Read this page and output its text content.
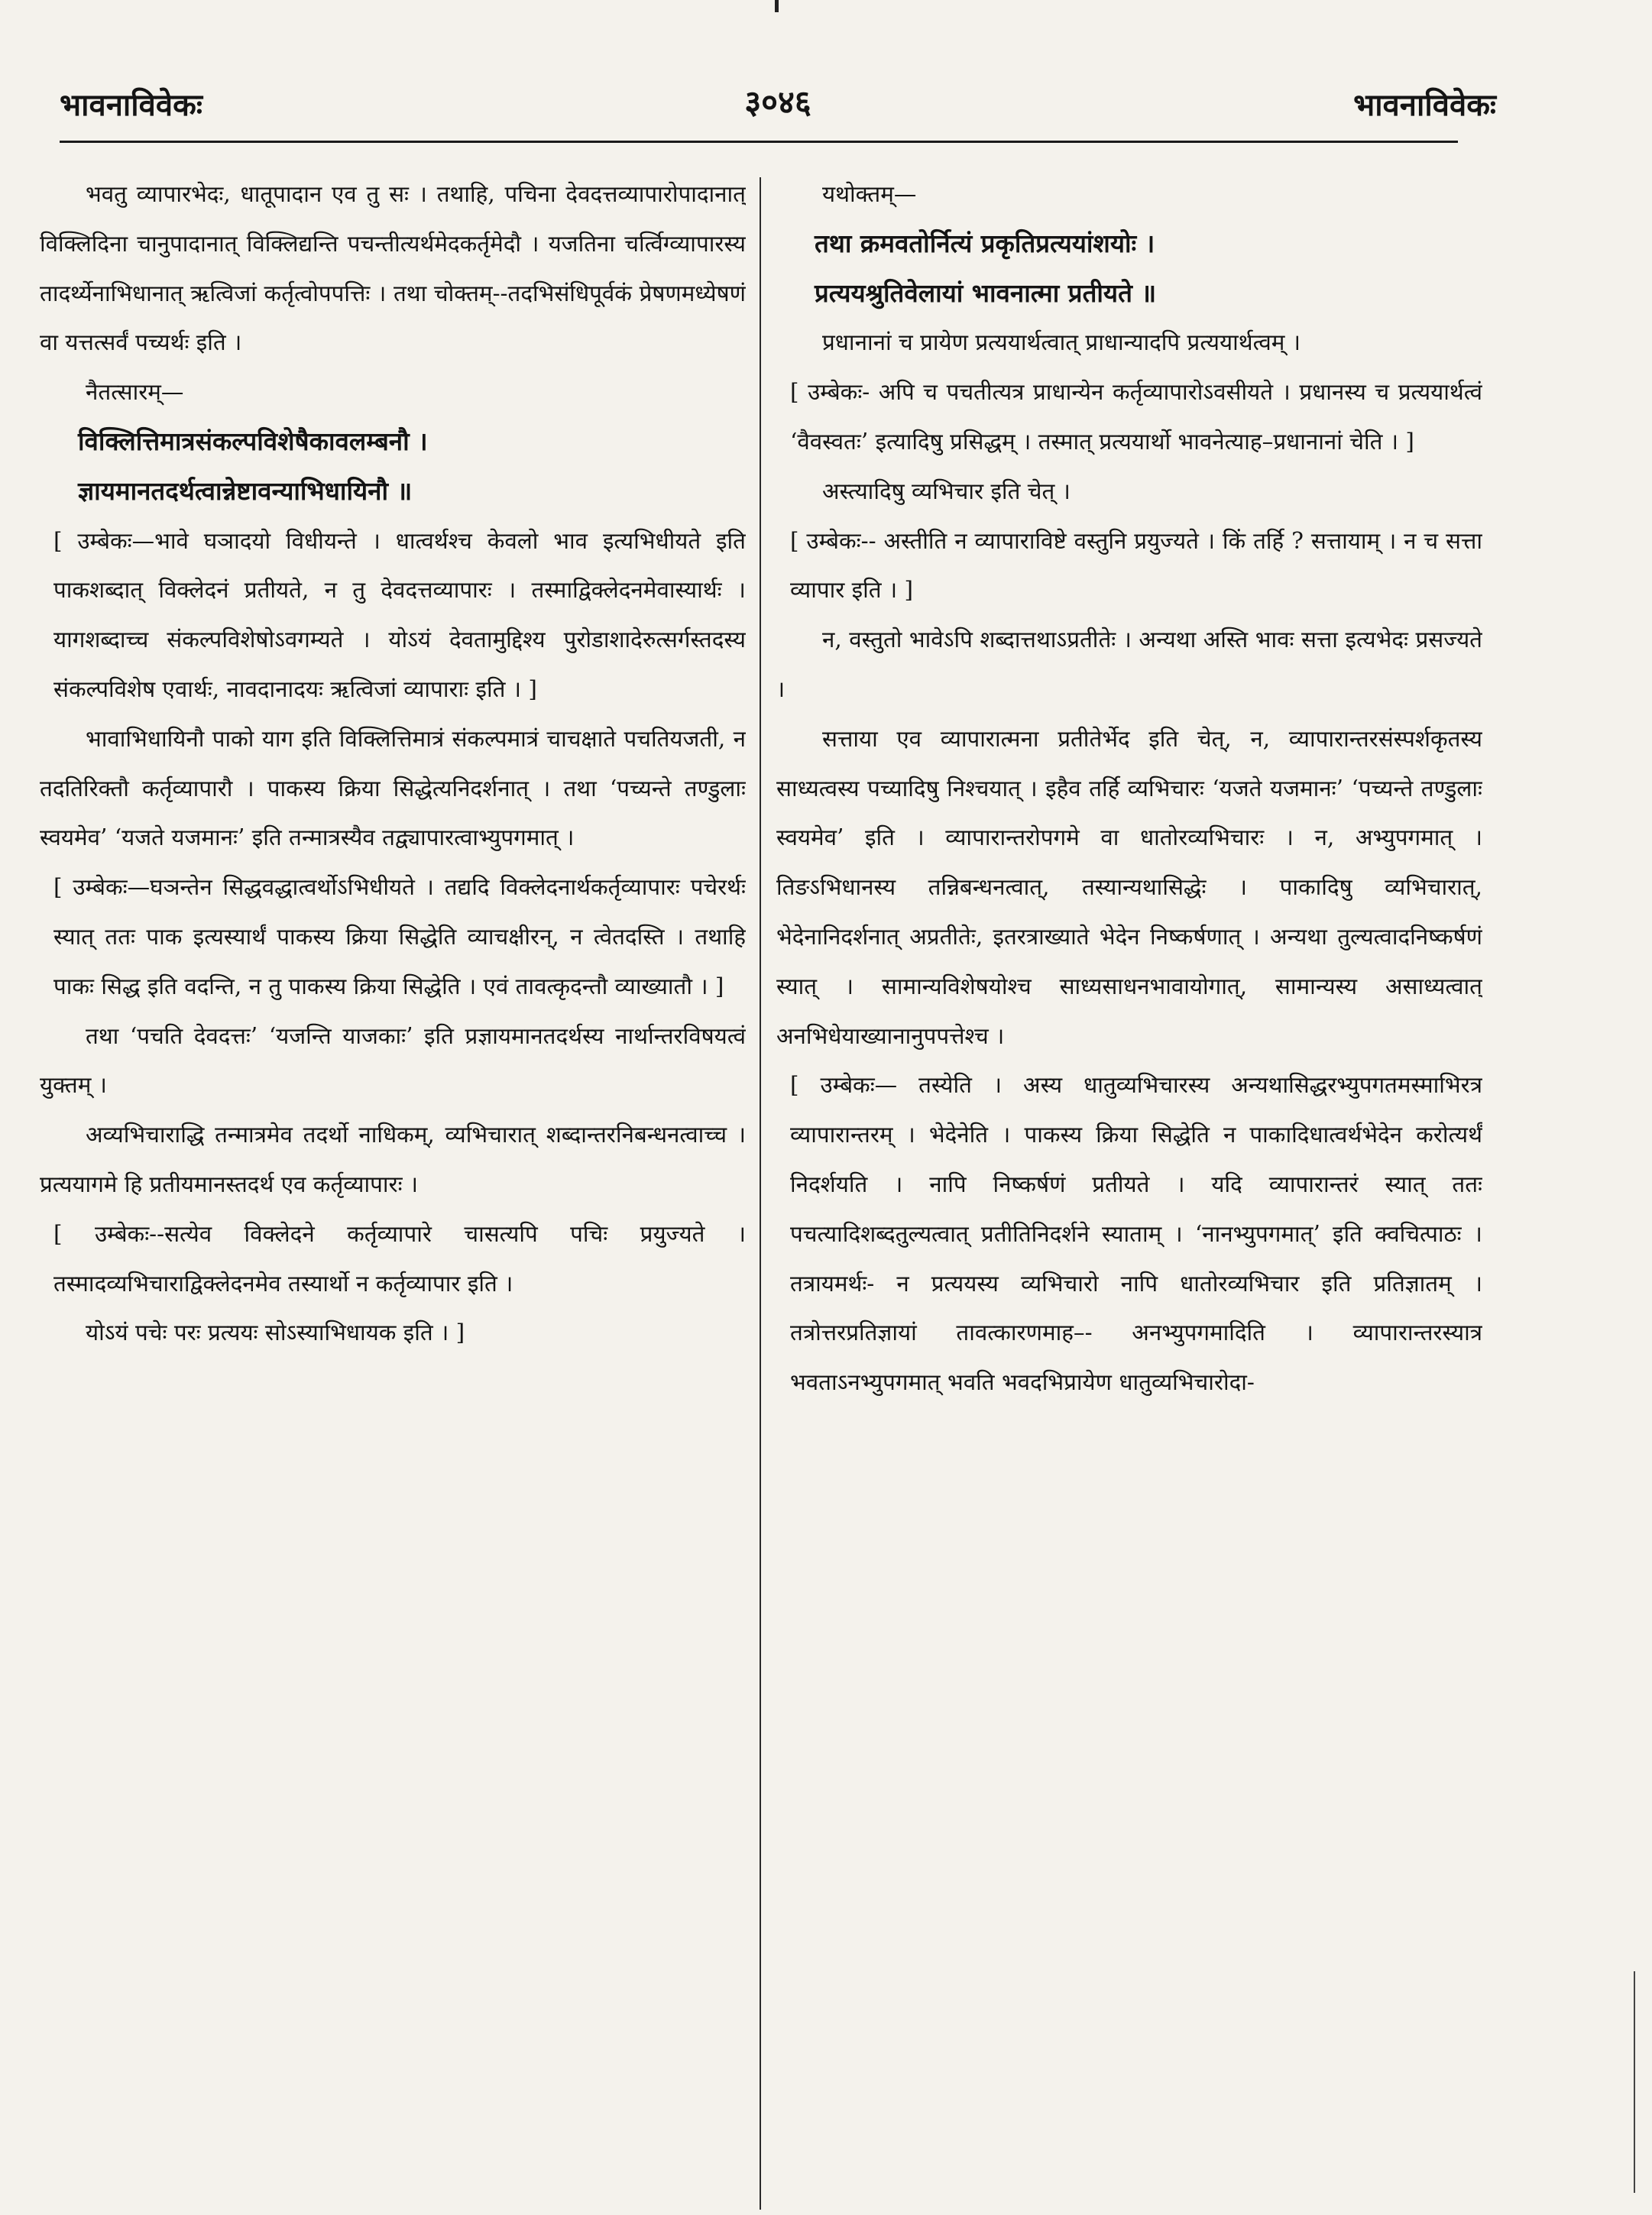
भावनाविवेकः	३०४६	भावनाविवेकः

भवतु व्यापारभेदः, धातूपादान एव तु सः । तथाहि, पचिना देवदत्तव्यापारोपादानात् विक्लिदिना चानुपादानात् विक्लिद्यन्ति पचन्तीत्यर्थमेदकर्तृमेदौ । यजतिना चर्त्विग्व्यापारस्य तादर्थ्येनाभिधानात् ऋत्विजां कर्तृत्वोपपत्तिः । तथा चोक्तम्--तदभिसंधिपूर्वकं प्रेषणमध्येषणं वा यत्तत्सर्वं पच्यर्थः इति ।

नैतत्सारम्—

विक्लित्तिमात्रसंकल्पविशेषैकावलम्बनौ ।

ज्ञायमानतदर्थत्वान्नेष्टावन्याभिधायिनौ ॥

[ उम्बेकः—भावे घञादयो विधीयन्ते । धात्वर्थश्च केवलो भाव इत्यभिधीयते इति पाकशब्दात् विक्लेदनं प्रतीयते, न तु देवदत्तव्यापारः । तस्माद्विक्लेदनमेवास्यार्थः । यागशब्दाच्च संकल्पविशेषोऽवगम्यते । योऽयं देवतामुद्दिश्य पुरोडाशादेरुत्सर्गस्तदस्य संकल्पविशेष एवार्थः, नावदानादयः ऋत्विजां व्यापाराः इति । ]

भावाभिधायिनौ पाको याग इति विक्लित्तिमात्रं संकल्पमात्रं चाचक्षाते पचतियजती, न तदतिरिक्तौ कर्तृव्यापारौ । पाकस्य क्रिया सिद्धेत्यनिदर्शनात् । तथा ‘पच्यन्ते तण्डुलाः स्वयमेव’ ‘यजते यजमानः’ इति तन्मात्रस्यैव तद्व्यापारत्वाभ्युपगमात् ।

[ उम्बेकः—घञन्तेन सिद्धवद्धात्वर्थोऽभिधीयते । तद्यदि विक्लेदनार्थकर्तृव्यापारः पचेरर्थः स्यात् ततः पाक इत्यस्यार्थं पाकस्य क्रिया सिद्धेति व्याचक्षीरन्, न त्वेतदस्ति । तथाहि पाकः सिद्ध इति वदन्ति, न तु पाकस्य क्रिया सिद्धेति । एवं तावत्कृदन्तौ व्याख्यातौ । ]

तथा ‘पचति देवदत्तः’ ‘यजन्ति याजकाः’ इति प्रज्ञायमानतदर्थस्य नार्थान्तरविषयत्वं युक्तम् ।

अव्यभिचाराद्धि तन्मात्रमेव तदर्थो नाधिकम्, व्यभिचारात् शब्दान्तरनिबन्धनत्वाच्च । प्रत्ययागमे हि प्रतीयमानस्तदर्थ एव कर्तृव्यापारः ।

[ उम्बेकः--सत्येव विक्लेदने कर्तृव्यापारे चासत्यपि पचिः प्रयुज्यते । तस्मादव्यभिचाराद्विक्लेदनमेव तस्यार्थो न कर्तृव्यापार इति ।

योऽयं पचेः परः प्रत्ययः सोऽस्याभिधायक इति । ]

यथोक्तम्—

तथा क्रमवतोर्नित्यं प्रकृतिप्रत्ययांशयोः ।

प्रत्ययश्रुतिवेलायां भावनात्मा प्रतीयते ॥

प्रधानानां च प्रायेण प्रत्ययार्थत्वात् प्राधान्यादपि प्रत्ययार्थत्वम् ।

[ उम्बेकः- अपि च पचतीत्यत्र प्राधान्येन कर्तृव्यापारोऽवसीयते । प्रधानस्य च प्रत्ययार्थत्वं ‘वैवस्वतः’ इत्यादिषु प्रसिद्धम् । तस्मात् प्रत्ययार्थो भावनेत्याह–प्रधानानां चेति । ]

अस्त्यादिषु व्यभिचार इति चेत् ।

[ उम्बेकः-- अस्तीति न व्यापाराविष्टे वस्तुनि प्रयुज्यते । किं तर्हि ? सत्तायाम् । न च सत्ता व्यापार इति । ]

न, वस्तुतो भावेऽपि शब्दात्तथाऽप्रतीतेः । अन्यथा अस्ति भावः सत्ता इत्यभेदः प्रसज्यते ।

सत्ताया एव व्यापारात्मना प्रतीतेर्भेद इति चेत्, न, व्यापारान्तरसंस्पर्शकृतस्य साध्यत्वस्य पच्यादिषु निश्चयात् । इहैव तर्हि व्यभिचारः ‘यजते यजमानः’ ‘पच्यन्ते तण्डुलाः स्वयमेव’ इति । व्यापारान्तरोपगमे वा धातोरव्यभिचारः । न, अभ्युपगमात् । तिङऽभिधानस्य तन्निबन्धनत्वात्, तस्यान्यथासिद्धेः । पाकादिषु व्यभिचारात्, भेदेनानिदर्शनात् अप्रतीतेः, इतरत्राख्याते भेदेन निष्कर्षणात् । अन्यथा तुल्यत्वादनिष्कर्षणं स्यात् । सामान्यविशेषयोश्च साध्यसाधनभावायोगात्, सामान्यस्य असाध्यत्वात् अनभिधेयाख्यानानुपपत्तेश्च ।

[ उम्बेकः— तस्येति । अस्य धातुव्यभिचारस्य अन्यथासिद्धरभ्युपगतमस्माभिरत्र व्यापारान्तरम् । भेदेनेति । पाकस्य क्रिया सिद्धेति न पाकादिधात्वर्थभेदेन करोत्यर्थं निदर्शयति । नापि निष्कर्षणं प्रतीयते । यदि व्यापारान्तरं स्यात् ततः पचत्यादिशब्दतुल्यत्वात् प्रतीतिनिदर्शने स्याताम् । ‘नानभ्युपगमात्’ इति क्वचित्पाठः । तत्रायमर्थः- न प्रत्ययस्य व्यभिचारो नापि धातोरव्यभिचार इति प्रतिज्ञातम् । तत्रोत्तरप्रतिज्ञायां तावत्कारणमाह–- अनभ्युपगमादिति । व्यापारान्तरस्यात्र भवताऽनभ्युपगमात् भवति भवदभिप्रायेण धातुव्यभिचारोदा-
